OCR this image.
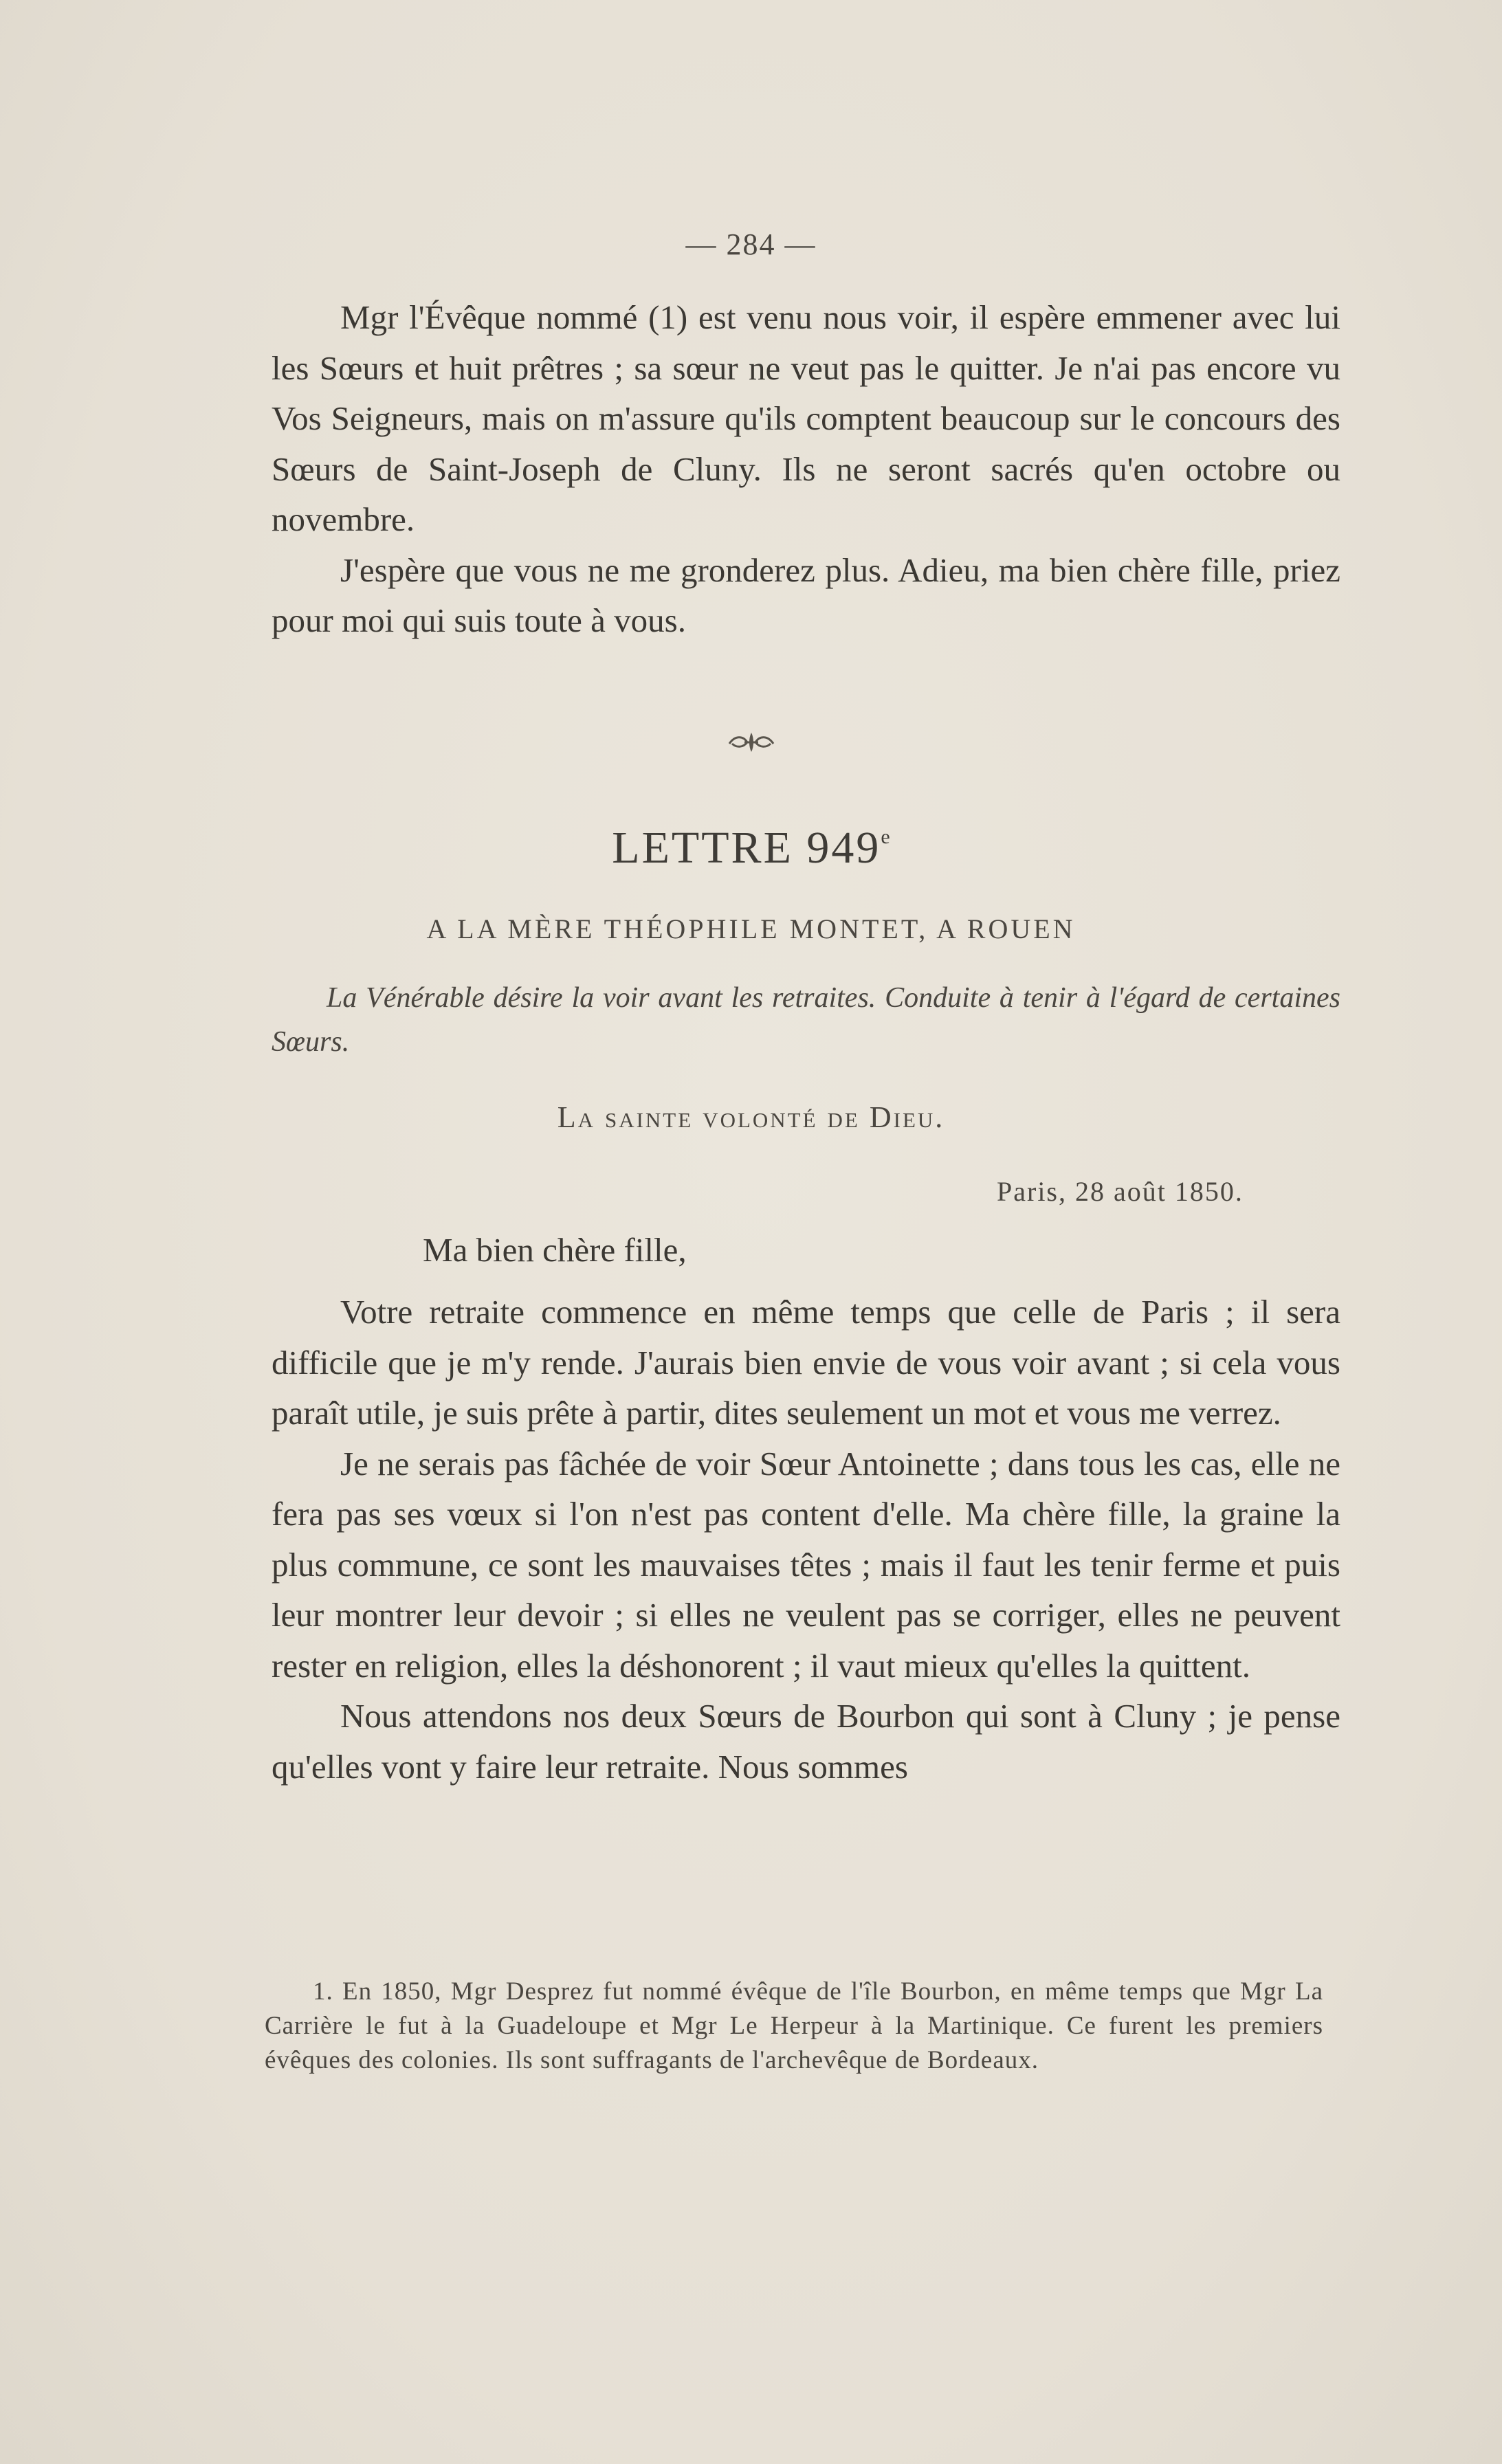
— 284 —

Mgr l'Évêque nommé (1) est venu nous voir, il espère emmener avec lui les Sœurs et huit prêtres ; sa sœur ne veut pas le quitter. Je n'ai pas encore vu Vos Seigneurs, mais on m'assure qu'ils comptent beaucoup sur le concours des Sœurs de Saint-Joseph de Cluny. Ils ne seront sacrés qu'en octobre ou novembre.

J'espère que vous ne me gronderez plus. Adieu, ma bien chère fille, priez pour moi qui suis toute à vous.

LETTRE 949e
A LA MÈRE THÉOPHILE MONTET, A ROUEN

La Vénérable désire la voir avant les retraites. Conduite à tenir à l'égard de certaines Sœurs.

La sainte volonté de Dieu.
Paris, 28 août 1850.
Ma bien chère fille,

Votre retraite commence en même temps que celle de Paris ; il sera difficile que je m'y rende. J'aurais bien envie de vous voir avant ; si cela vous paraît utile, je suis prête à partir, dites seulement un mot et vous me verrez.

Je ne serais pas fâchée de voir Sœur Antoinette ; dans tous les cas, elle ne fera pas ses vœux si l'on n'est pas content d'elle. Ma chère fille, la graine la plus commune, ce sont les mauvaises têtes ; mais il faut les tenir ferme et puis leur montrer leur devoir ; si elles ne veulent pas se corriger, elles ne peuvent rester en religion, elles la déshonorent ; il vaut mieux qu'elles la quittent.

Nous attendons nos deux Sœurs de Bourbon qui sont à Cluny ; je pense qu'elles vont y faire leur retraite. Nous sommes

1. En 1850, Mgr Desprez fut nommé évêque de l'île Bourbon, en même temps que Mgr La Carrière le fut à la Guadeloupe et Mgr Le Herpeur à la Martinique. Ce furent les premiers évêques des colonies. Ils sont suffragants de l'archevêque de Bordeaux.
